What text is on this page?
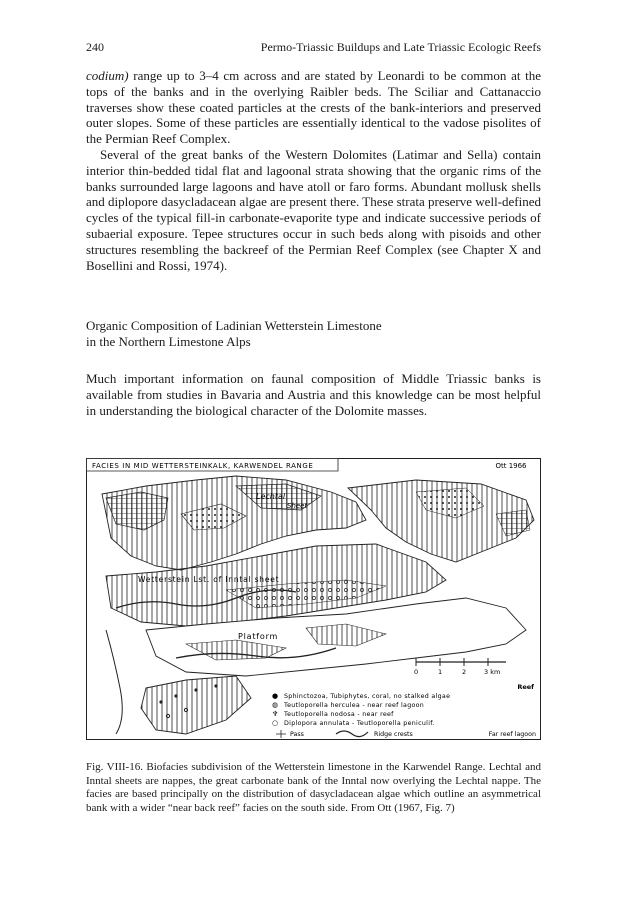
240	Permo-Triassic Buildups and Late Triassic Ecologic Reefs

codium) range up to 3–4 cm across and are stated by Leonardi to be common at the tops of the banks and in the overlying Raibler beds. The Sciliar and Cattanaccio traverses show these coated particles at the crests of the bank-interiors and preserved outer slopes. Some of these particles are essentially identical to the vadose pisolites of the Permian Reef Complex.

Several of the great banks of the Western Dolomites (Latimar and Sella) contain interior thin-bedded tidal flat and lagoonal strata showing that the organic rims of the banks surrounded large lagoons and have atoll or faro forms. Abundant mollusk shells and diplopore dasycladacean algae are present there. These strata preserve well-defined cycles of the typical fill-in carbonate-evaporite type and indicate successive periods of subaerial exposure. Tepee structures occur in such beds along with pisoids and other structures resembling the backreef of the Permian Reef Complex (see Chapter X and Bosellini and Rossi, 1974).

Organic Composition of Ladinian Wetterstein Limestone
in the Northern Limestone Alps
Much important information on faunal composition of Middle Triassic banks is available from studies in Bavaria and Austria and this knowledge can be most helpful in understanding the biological character of the Dolomite masses.
FACIES IN MID WETTERSTEINKALK, KARWENDEL RANGE	Ott 1966
Lechtal
Sheet
Wetterstein Lst. of Inntal sheet
Platform
0	1	2	3 km
Reef
● Sphinctozoa, Tubiphytes, coral, no stalked algae
◍ Teutloporella herculea - near reef lagoon
♆ Teutloporella nodosa - near reef
○ Diplopora annulata - Teutloporella peniculif.
Pass	Ridge crests	Far reef lagoon
Fig. VIII-16. Biofacies subdivision of the Wetterstein limestone in the Karwendel Range. Lechtal and Inntal sheets are nappes, the great carbonate bank of the Inntal now overlying the Lechtal nappe. The facies are based principally on the distribution of dasycladacean algae which outline an asymmetrical bank with a wider “near back reef” facies on the south side. From Ott (1967, Fig. 7)
